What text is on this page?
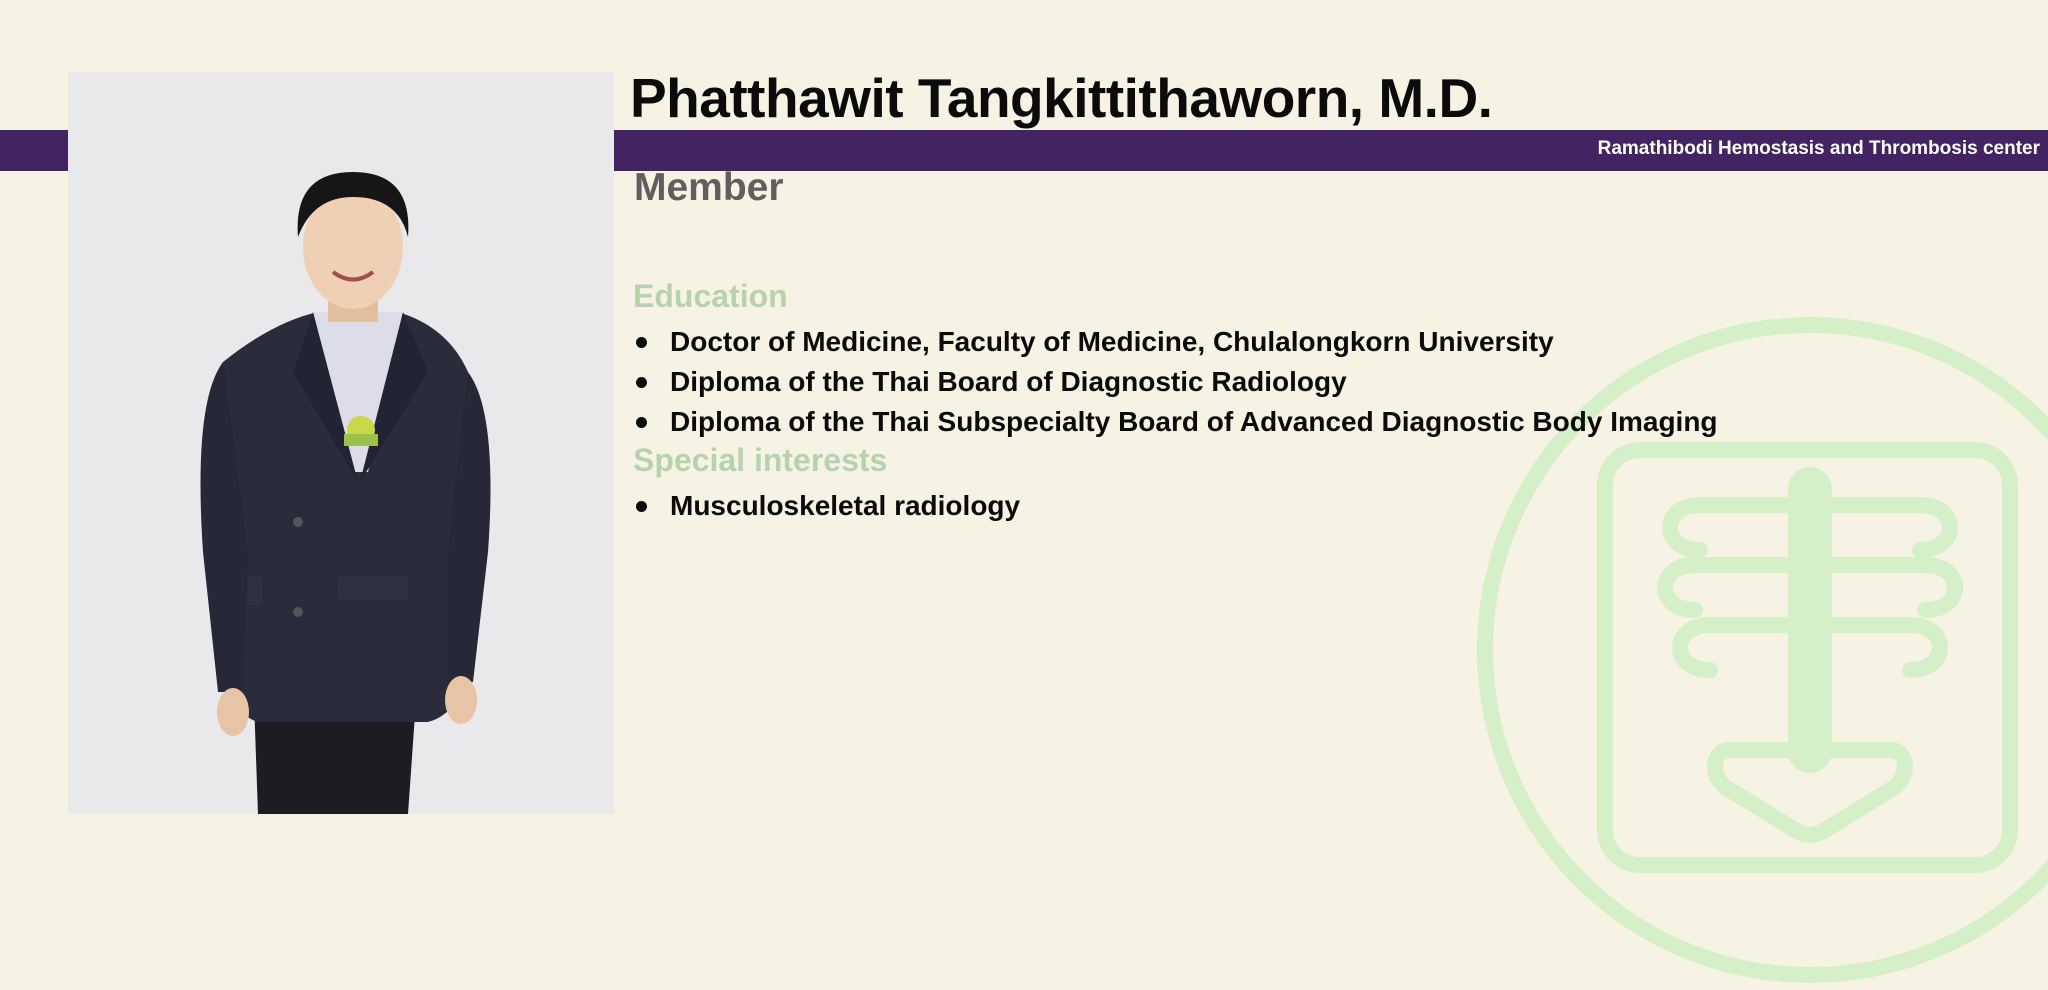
Ramathibodi Hemostasis and Thrombosis center
Phatthawit Tangkittithaworn, M.D.
Member
Education
Doctor of Medicine, Faculty of Medicine, Chulalongkorn University
Diploma of the Thai Board of Diagnostic Radiology
Diploma of the Thai Subspecialty Board of Advanced Diagnostic Body Imaging
Special interests
Musculoskeletal radiology
